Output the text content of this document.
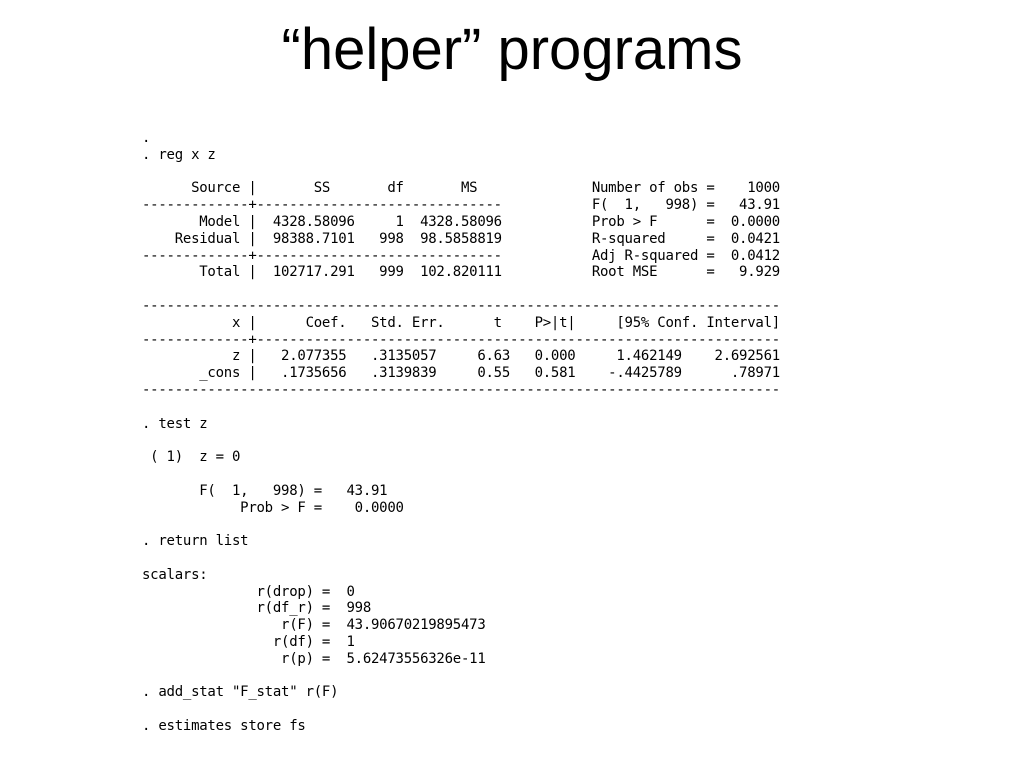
“helper” programs
.
. reg x z
Source |       SS       df       MS              Number of obs =    1000
-------------+------------------------------           F(  1,   998) =   43.91
Model |  4328.58096     1  4328.58096           Prob > F      =  0.0000
Residual |  98388.7101   998  98.5858819           R-squared     =  0.0421
-------------+------------------------------           Adj R-squared =  0.0412
Total |  102717.291   999  102.820111           Root MSE      =   9.929
------------------------------------------------------------------------------
x |      Coef.   Std. Err.      t    P>|t|     [95% Conf. Interval]
-------------+----------------------------------------------------------------
z |   2.077355   .3135057     6.63   0.000     1.462149    2.692561
_cons |   .1735656   .3139839     0.55   0.581    -.4425789      .78971
------------------------------------------------------------------------------
. test z
( 1)  z = 0
F(  1,   998) =   43.91
Prob > F =    0.0000
. return list
scalars:
r(drop) =  0
r(df_r) =  998
r(F) =  43.90670219895473
r(df) =  1
r(p) =  5.62473556326e-11
. add_stat "F_stat" r(F)
. estimates store fs
